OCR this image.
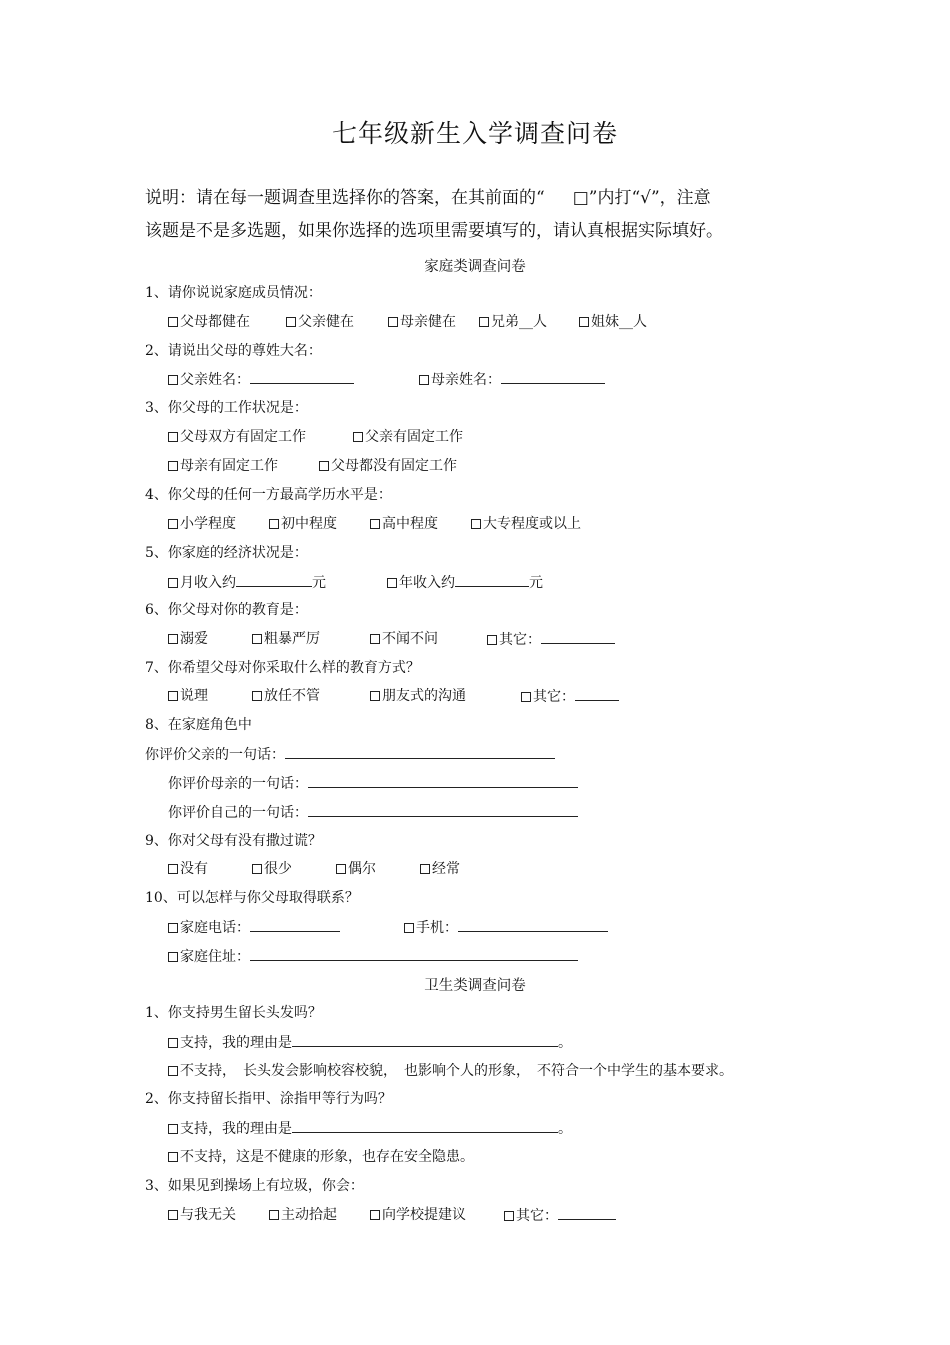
七年级新生入学调查问卷
说明：请在每一题调查里选择你的答案，在其前面的“ □”内打“√”，注意
该题是不是多选题，如果你选择的选项里需要填写的，请认真根据实际填好。
家庭类调查问卷
1、请你说说家庭成员情况：
父母都健在	父亲健在	母亲健在	兄弟__人	姐妹__人
2、请说出父母的尊姓大名：
父亲姓名：	母亲姓名：
3、你父母的工作状况是：
父母双方有固定工作	父亲有固定工作
母亲有固定工作	父母都没有固定工作
4、你父母的任何一方最高学历水平是：
小学程度	初中程度	高中程度	大专程度或以上
5、你家庭的经济状况是：
月收入约	元	年收入约	元
6、你父母对你的教育是：
溺爱	粗暴严厉	不闻不问	其它：
7、你希望父母对你采取什么样的教育方式？
说理	放任不管	朋友式的沟通	其它：
8、在家庭角色中
你评价父亲的一句话：
你评价母亲的一句话：
你评价自己的一句话：
9、你对父母有没有撒过谎？
没有	很少	偶尔	经常
10、可以怎样与你父母取得联系？
家庭电话：	手机：
家庭住址：
卫生类调查问卷
1、你支持男生留长头发吗？
支持，我的理由是	。
不支持，　长头发会影响校容校貌，　也影响个人的形象，　不符合一个中学生的基本要求。
2、你支持留长指甲、涂指甲等行为吗？
支持，我的理由是	。
不支持，这是不健康的形象，也存在安全隐患。
3、如果见到操场上有垃圾，你会：
与我无关	主动拾起	向学校提建议	其它：
